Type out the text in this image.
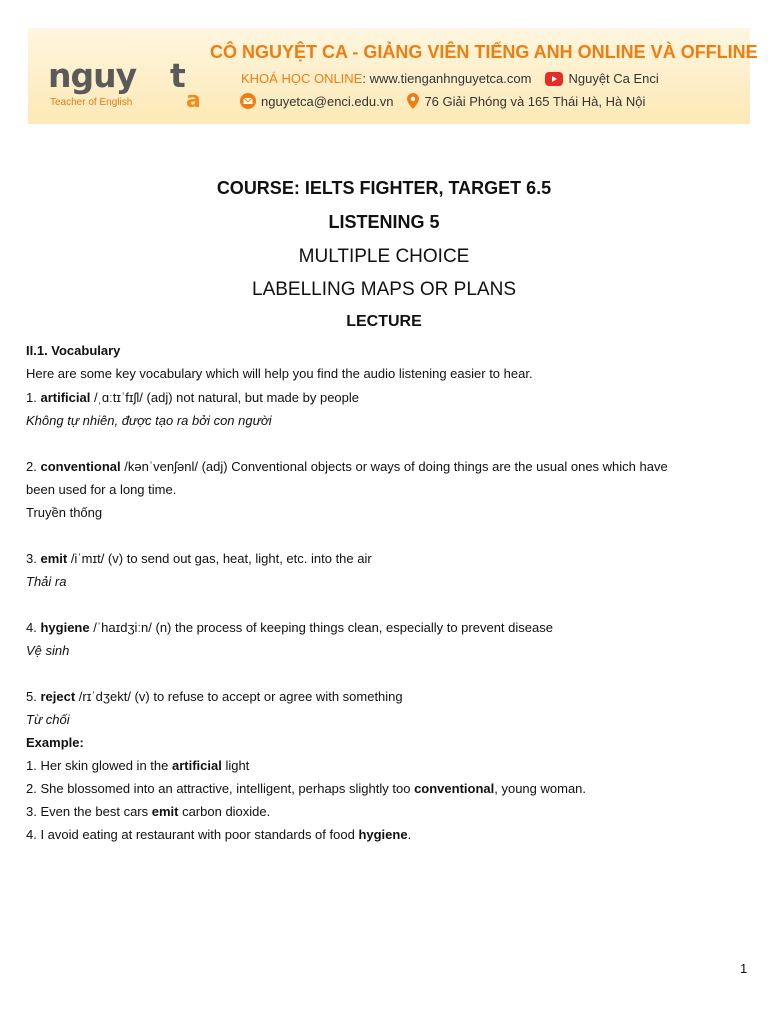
nguy t
a
Teacher of English
CÔ NGUYỆT CA - GIẢNG VIÊN TIẾNG ANH ONLINE VÀ OFFLINE
KHOÁ HỌC ONLINE : www.tienganhnguyetca.com	Nguyệt Ca Enci
nguyetca@enci.edu.vn 76 Giải Phóng và 165 Thái Hà, Hà Nội
COURSE: IELTS FIGHTER, TARGET 6.5
LISTENING 5
MULTIPLE CHOICE
LABELLING MAPS OR PLANS
LECTURE
II.1. Vocabulary
Here are some key vocabulary which will help you find the audio listening easier to hear.
1. artificial /ˌɑːtɪˈfɪʃl/ (adj) not natural, but made by people
Không tự nhiên, được tạo ra bởi con người
2. conventional /kənˈvenʃənl/ (adj) Conventional objects or ways of doing things are the usual ones which have
been used for a long time.
Truyền thống
3. emit /iˈmɪt/ (v) to send out gas, heat, light, etc. into the air
Thải ra
4. hygiene /ˈhaɪdʒiːn/ (n) the process of keeping things clean, especially to prevent disease
Vệ sinh
5. reject /rɪˈdʒekt/ (v) to refuse to accept or agree with something
Từ chối
Example:
1. Her skin glowed in the artificial light
2. She blossomed into an attractive, intelligent, perhaps slightly too conventional, young woman.
3. Even the best cars emit carbon dioxide.
4. I avoid eating at restaurant with poor standards of food hygiene.
1
